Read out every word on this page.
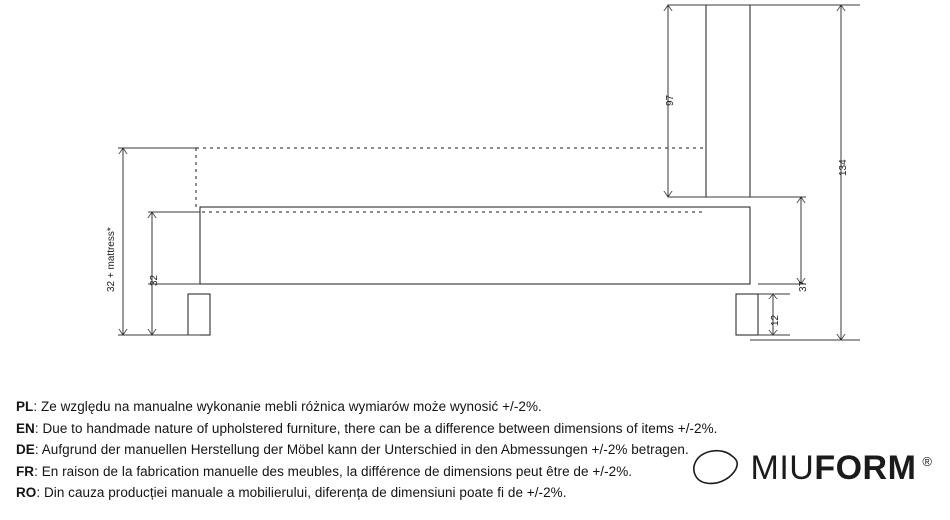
97
134
32 + mattress*	32
37
12
PL: Ze względu na manualne wykonanie mebli różnica wymiarów może wynosić +/-2%.
EN: Due to handmade nature of upholstered furniture, there can be a difference between dimensions of items +/-2%.
DE: Aufgrund der manuellen Herstellung der Möbel kann der Unterschied in den Abmessungen +/-2% betragen.
FR: En raison de la fabrication manuelle des meubles, la différence de dimensions peut être de +/-2%.
RO: Din cauza producției manuale a mobilierului, diferența de dimensiuni poate fi de +/-2%.
MIUFORM ®
